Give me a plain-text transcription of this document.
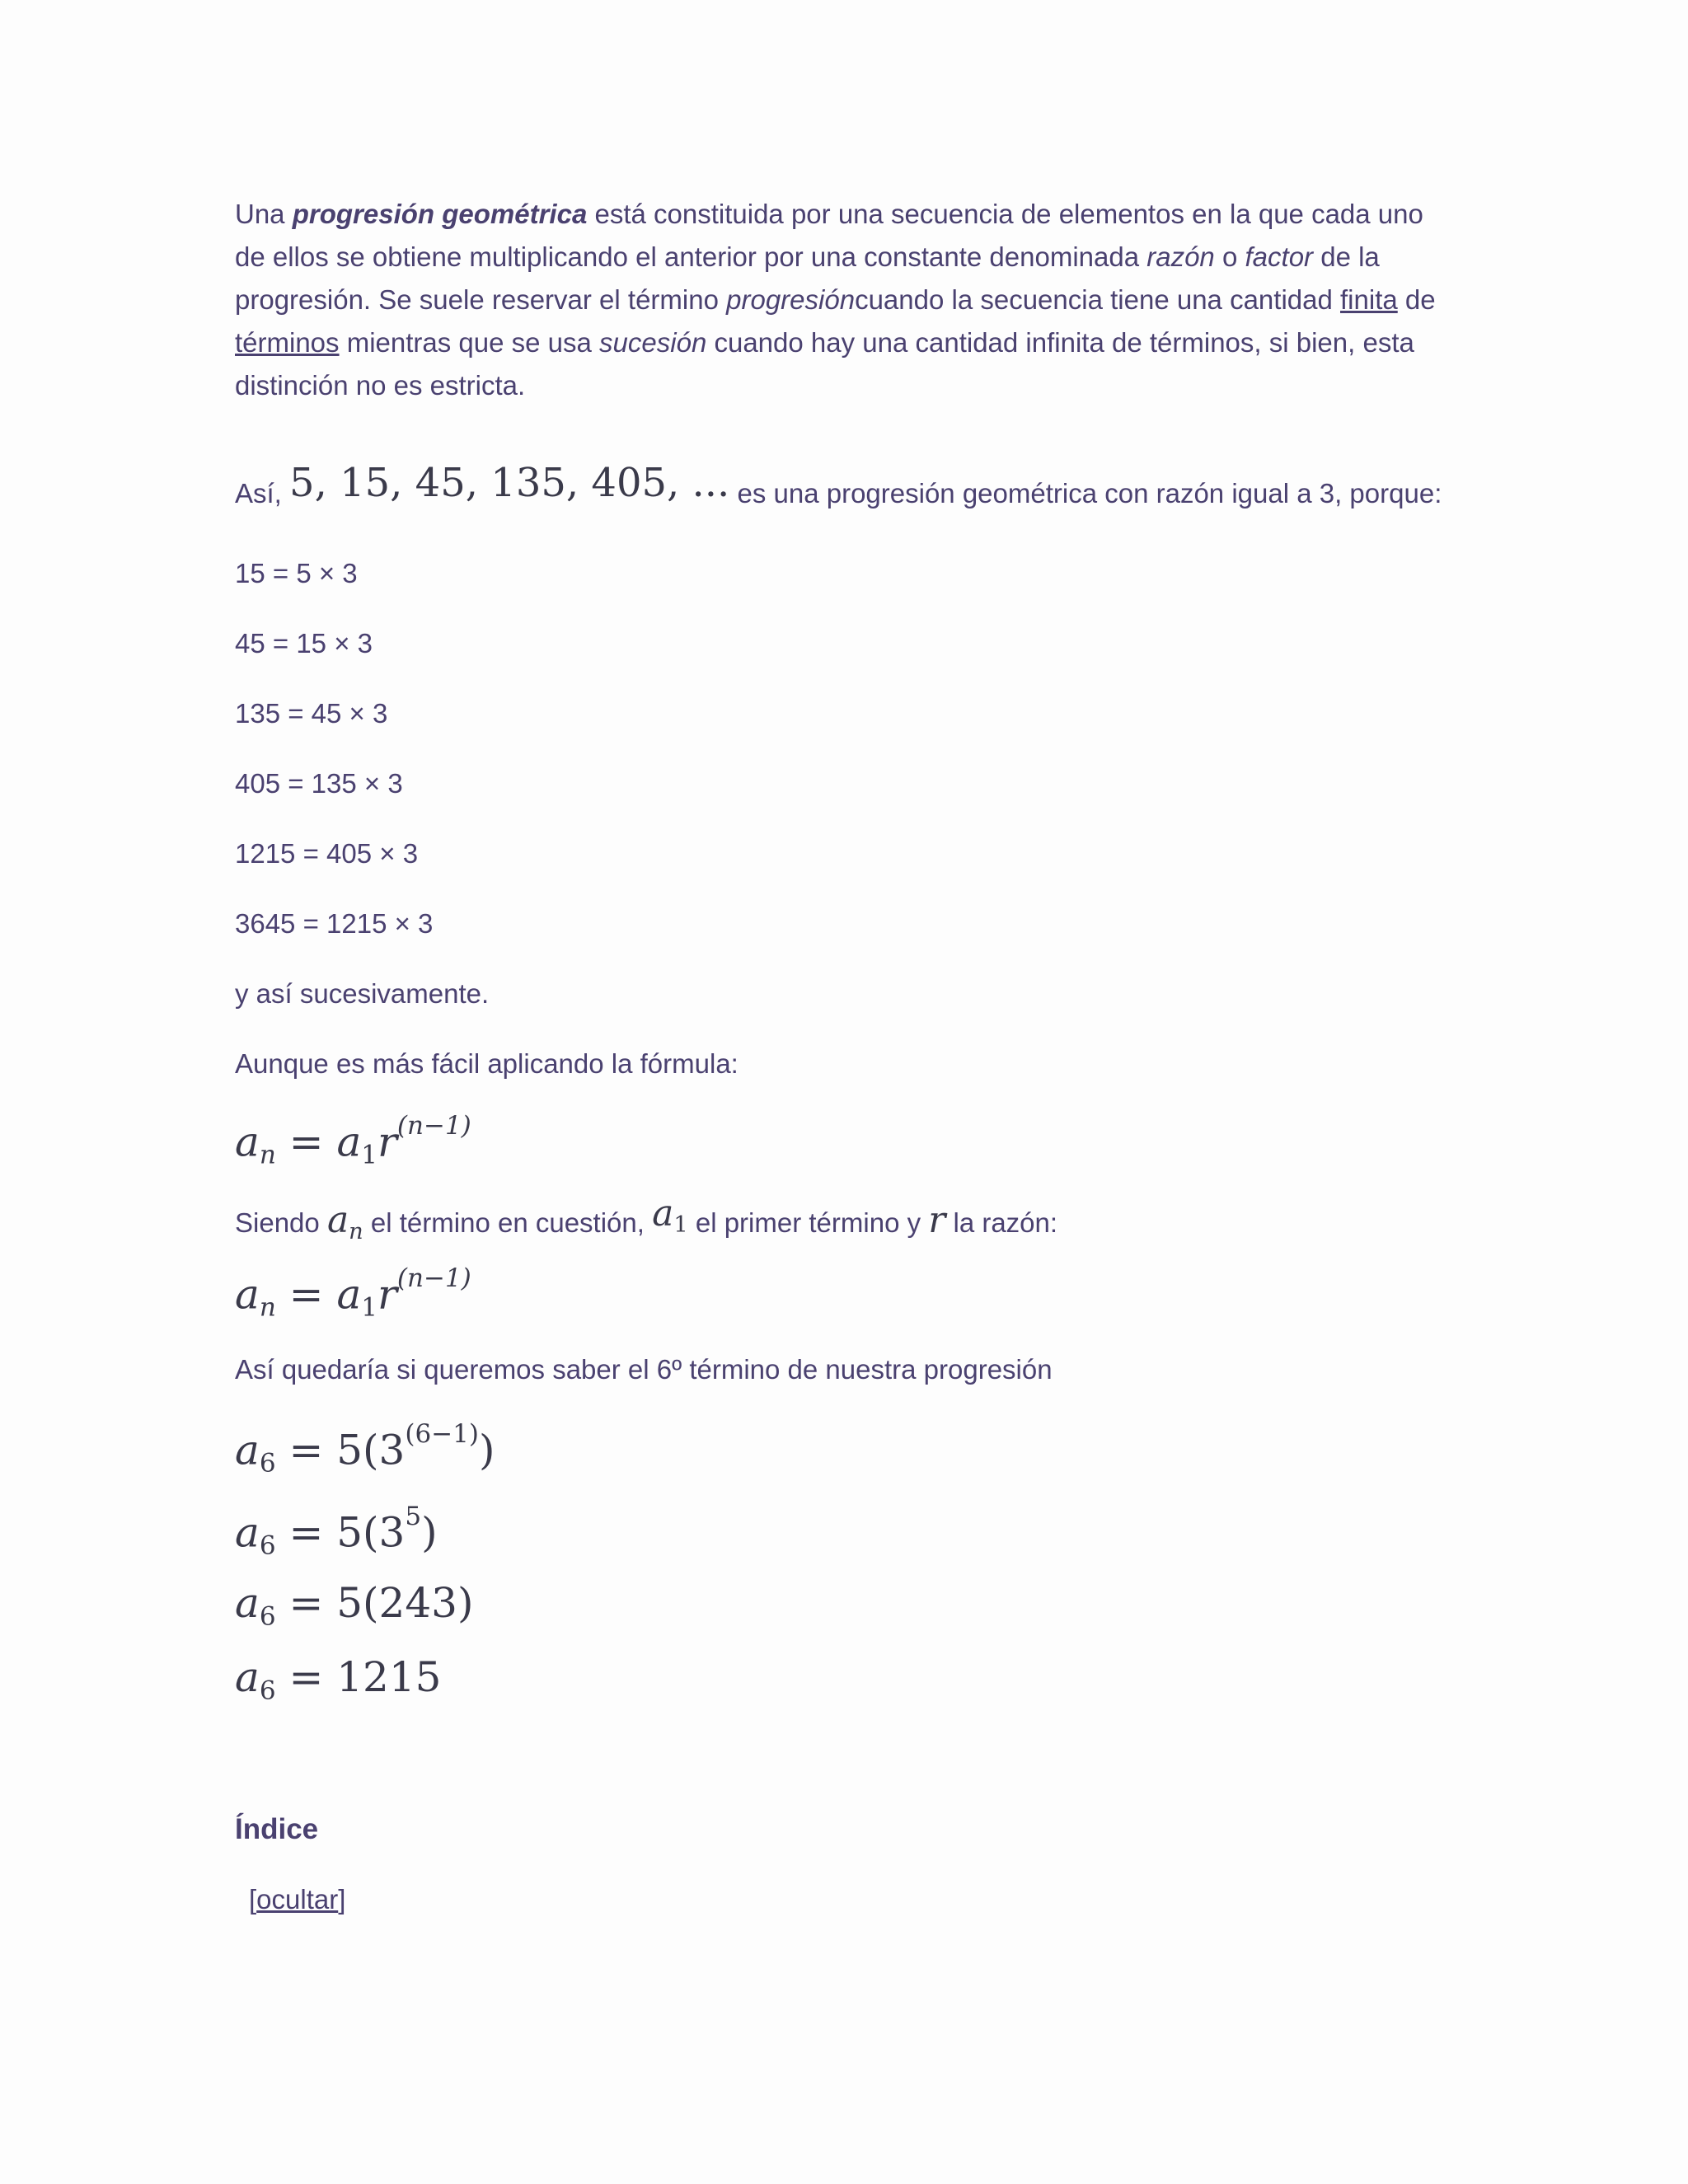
Una progresión geométrica está constituida por una secuencia de elementos en la que cada uno de ellos se obtiene multiplicando el anterior por una constante denominada razón o factor de la progresión. Se suele reservar el término progresióncuando la secuencia tiene una cantidad finita de términos mientras que se usa sucesión cuando hay una cantidad infinita de términos, si bien, esta distinción no es estricta.
Así, 5, 15, 45, 135, 405, ... es una progresión geométrica con razón igual a 3, porque:
15 = 5 × 3
45 = 15 × 3
135 = 45 × 3
405 = 135 × 3
1215 = 405 × 3
3645 = 1215 × 3
y así sucesivamente.
Aunque es más fácil aplicando la fórmula:
$a_n = a_1r^{(n-1)}$
Siendo $a_n$ el término en cuestión, $a_1$ el primer término y r la razón:
$a_n = a_1r^{(n-1)}$
Así quedaría si queremos saber el 6º término de nuestra progresión
$a_6 = 5(3^{(6-1)})$
$a_6 = 5(3^5)$
$a_6 = 5(243)$
$a_6 = 1215$
Índice
[ocultar]
